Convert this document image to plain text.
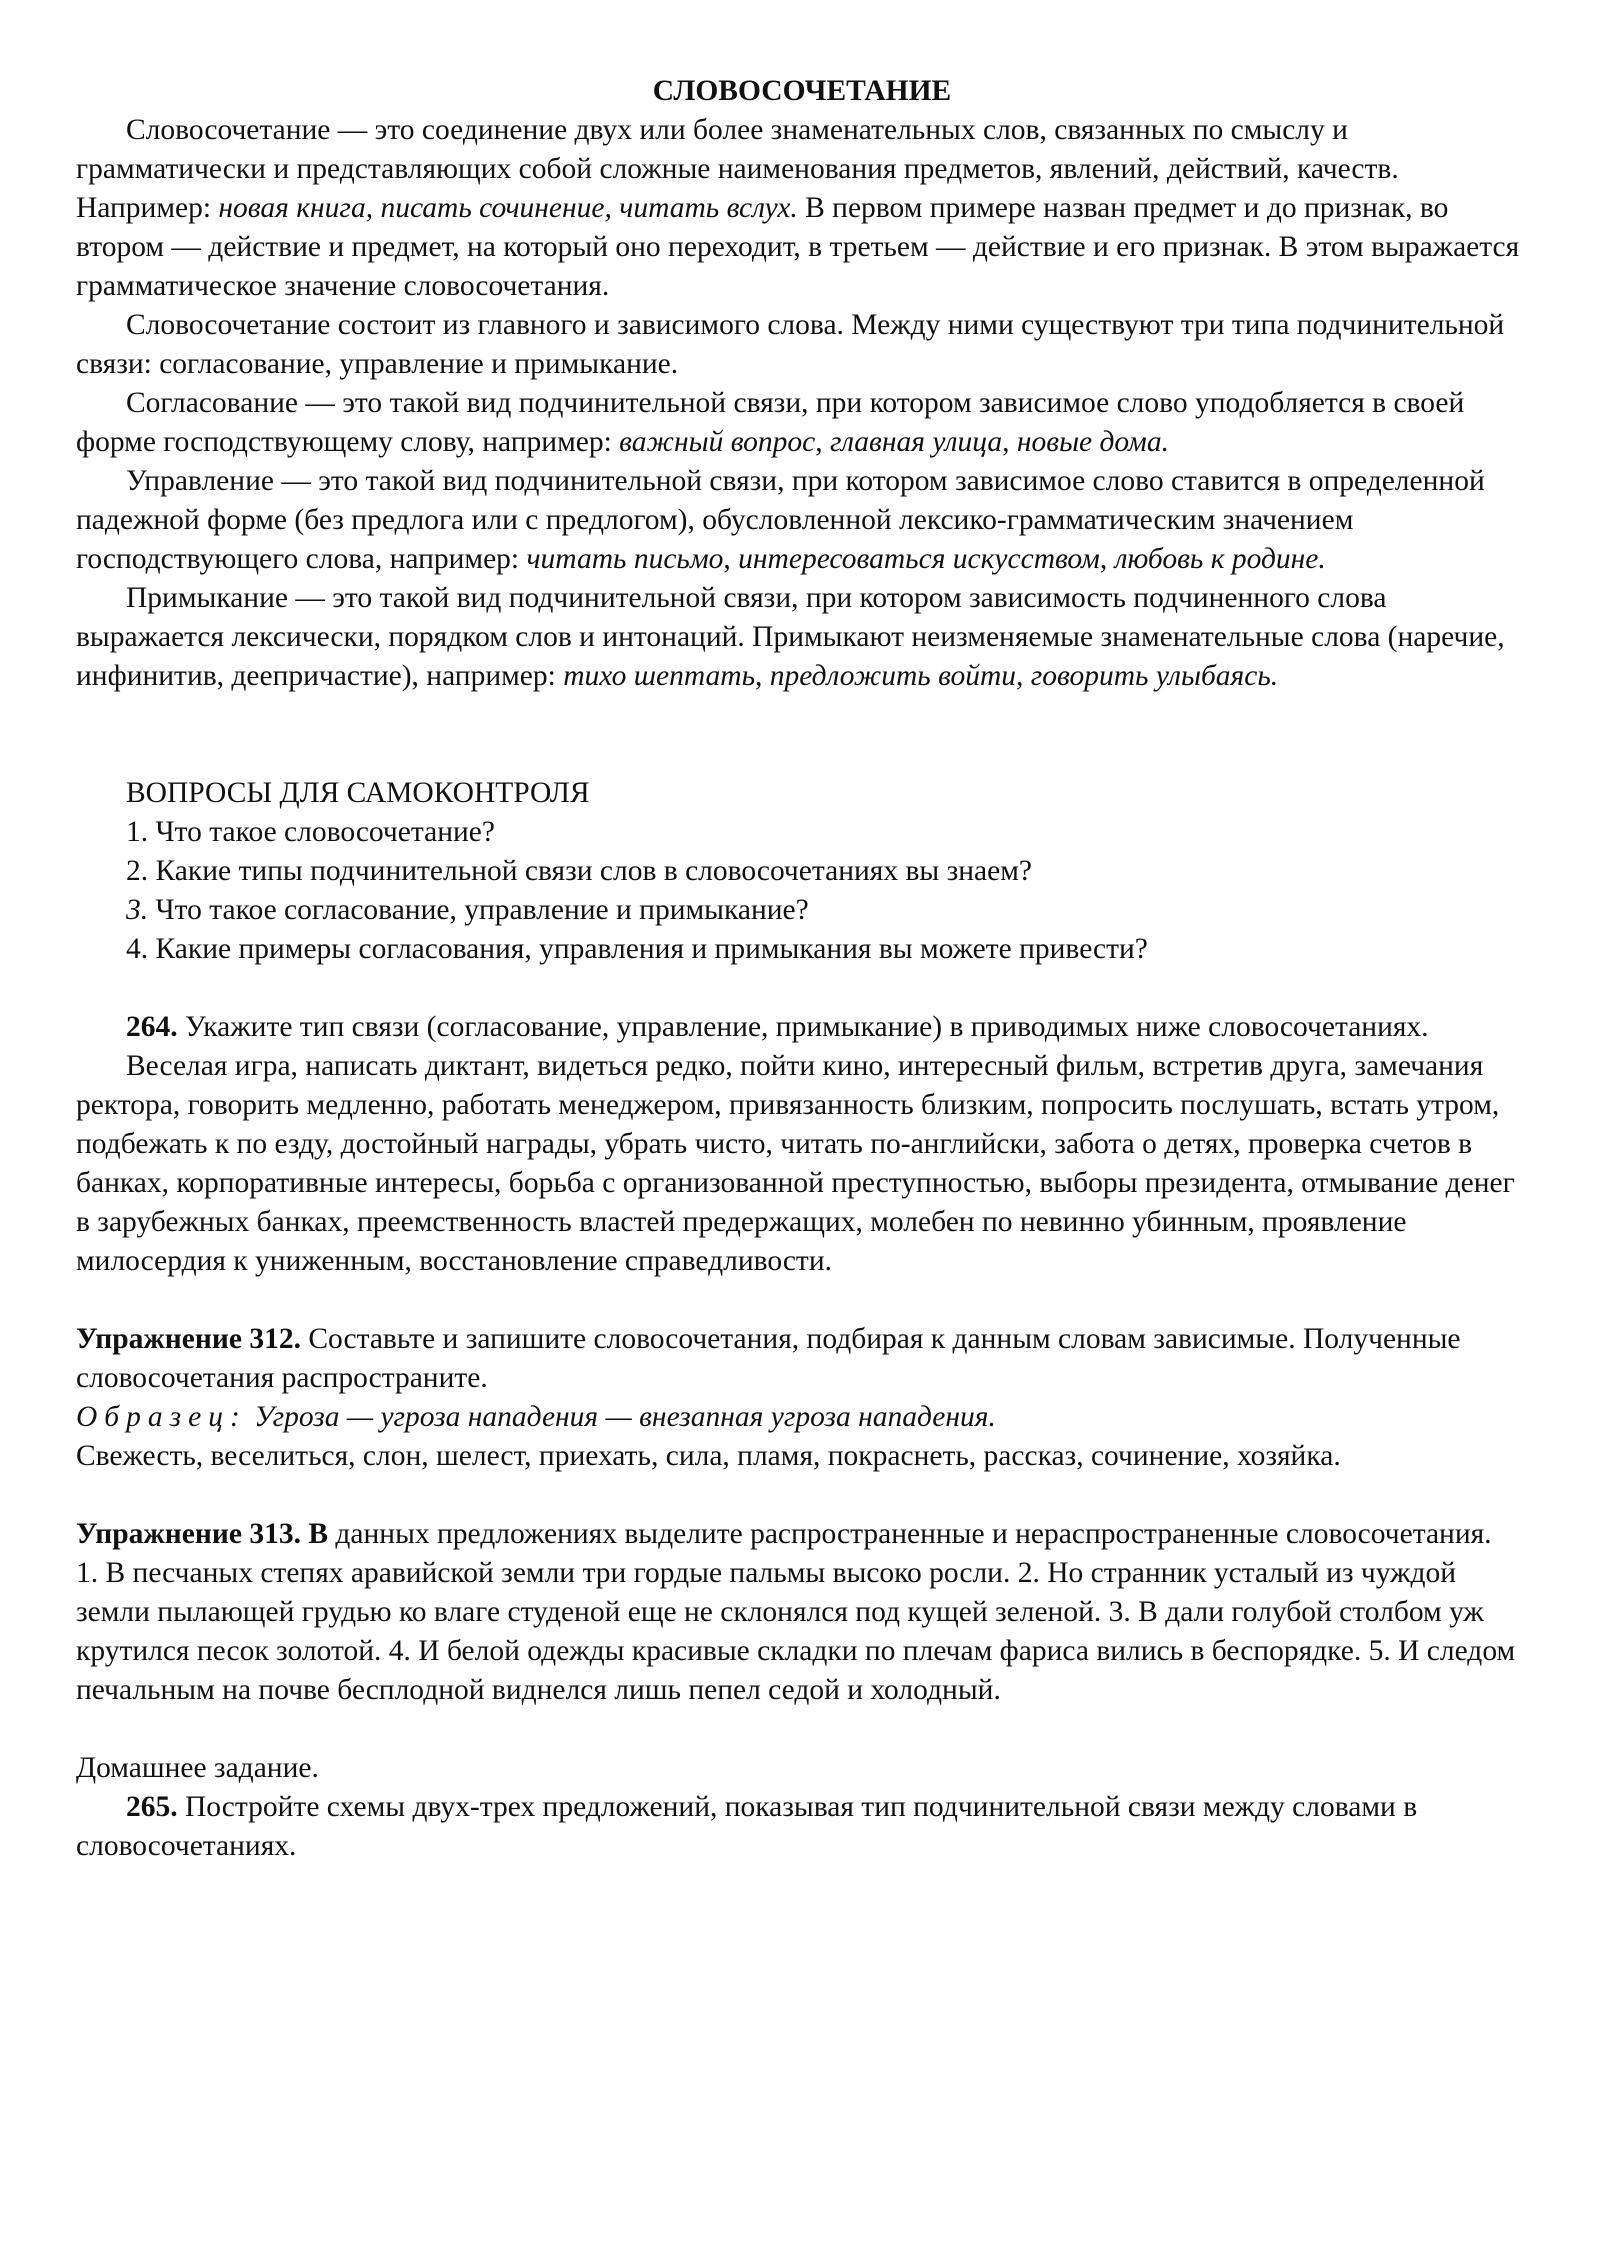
СЛОВОСОЧЕТАНИЕ

Словосочетание — это соединение двух или более знаменательных слов, связанных по смыслу и грамматически и представляющих собой сложные наименования предметов, явлений, действий, качеств. Например: новая книга, писать сочинение, читать вслух. В первом примере назван предмет и до признак, во втором — действие и предмет, на который оно переходит, в третьем — действие и его признак. В этом выражается грамматическое значение словосочетания.

Словосочетание состоит из главного и зависимого слова. Между ними существуют три типа подчинительной связи: согласование, управление и примыкание.

Согласование — это такой вид подчинительной связи, при котором зависимое слово уподобляется в своей форме господствующему слову, например: важный вопрос, главная улица, новые дома.

Управление — это такой вид подчинительной связи, при котором зависимое слово ставится в определенной падежной форме (без предлога или с предлогом), обусловленной лексико-грамматическим значением господствующего слова, например: читать письмо, интересоваться искусством, любовь к родине.

Примыкание — это такой вид подчинительной связи, при котором зависимость подчиненного слова выражается лексически, порядком слов и интонаций. Примыкают неизменяемые знаменательные слова (наречие, инфинитив, деепричастие), например: тихо шептать, предложить войти, говорить улыбаясь.

ВОПРОСЫ ДЛЯ САМОКОНТРОЛЯ

1. Что такое словосочетание?

2. Какие типы подчинительной связи слов в словосочетаниях вы знаем?

3. Что такое согласование, управление и примыкание?

4. Какие примеры согласования, управления и примыкания вы можете привести?

264. Укажите тип связи (согласование, управление, примыкание) в приводимых ниже словосочетаниях.

Веселая игра, написать диктант, видеться редко, пойти кино, интересный фильм, встретив друга, замечания ректора, говорить медленно, работать менеджером, привязанность близким, попросить послушать, встать утром, подбежать к по езду, достойный награды, убрать чисто, читать по-английски, забота о детях, проверка счетов в банках, корпоративные интересы, борьба с организованной преступностью, выборы президента, отмывание денег в зарубежных банках, преемственность властей предержащих, молебен по невинно убинным, проявление милосердия к униженным, восстановление справедливости.

Упражнение 312. Составьте и запишите словосочетания, подбирая к данным словам зависимые. Полученные словосочетания распространите.

Образец: Угроза — угроза нападения — внезапная угроза нападения.

Свежесть, веселиться, слон, шелест, приехать, сила, пламя, покраснеть, рассказ, сочинение, хозяйка.

Упражнение 313. В данных предложениях выделите распространенные и нераспространенные словосочетания.

1. В песчаных степях аравийской земли три гордые пальмы высоко росли. 2. Но странник усталый из чуждой земли пылающей грудью ко влаге студеной еще не склонялся под кущей зеленой. 3. В дали голубой столбом уж крутился песок золотой. 4. И белой одежды красивые складки по плечам фариса вились в беспорядке. 5. И следом печальным на почве бесплодной виднелся лишь пепел седой и холодный.

Домашнее задание.

265. Постройте схемы двух-трех предложений, показывая тип подчинительной связи между словами в словосочетаниях.
